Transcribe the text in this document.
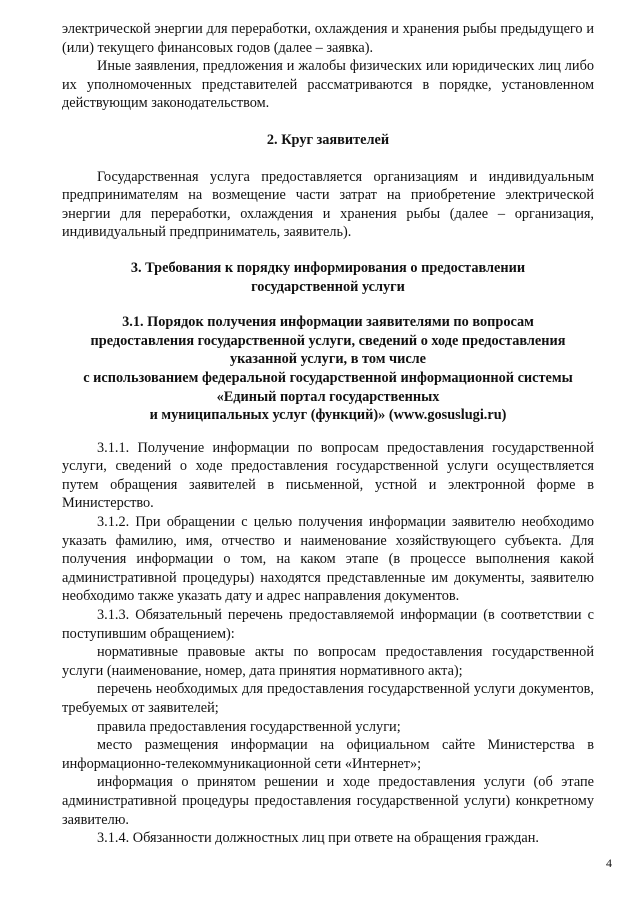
электрической энергии для переработки, охлаждения и хранения рыбы предыдущего и (или) текущего финансовых годов (далее – заявка).

Иные заявления, предложения и жалобы физических или юридических лиц либо их уполномоченных представителей рассматриваются в порядке, установленном действующим законодательством.

2. Круг заявителей

Государственная услуга предоставляется организациям и индивидуальным предпринимателям на возмещение части затрат на приобретение электрической энергии для переработки, охлаждения и хранения рыбы (далее – организация, индивидуальный предприниматель, заявитель).

3. Требования к порядку информирования о предоставлении
государственной услуги
3.1. Порядок получения информации заявителями по вопросам
предоставления государственной услуги, сведений о ходе предоставления
указанной услуги, в том числе
с использованием федеральной государственной информационной системы
«Единый портал государственных
и муниципальных услуг (функций)» (www.gosuslugi.ru)

3.1.1. Получение информации по вопросам предоставления государственной услуги, сведений о ходе предоставления государственной услуги осуществляется путем обращения заявителей в письменной, устной и электронной форме в Министерство.

3.1.2. При обращении с целью получения информации заявителю необходимо указать фамилию, имя, отчество и наименование хозяйствующего субъекта. Для получения информации о том, на каком этапе (в процессе выполнения какой административной процедуры) находятся представленные им документы, заявителю необходимо также указать дату и адрес направления документов.

3.1.3. Обязательный перечень предоставляемой информации (в соответствии с поступившим обращением):

нормативные правовые акты по вопросам предоставления государственной услуги (наименование, номер, дата принятия нормативного акта);

перечень необходимых для предоставления государственной услуги документов, требуемых от заявителей;

правила предоставления государственной услуги;

место размещения информации на официальном сайте Министерства в информационно-телекоммуникационной сети «Интернет»;

информация о принятом решении и ходе предоставления услуги (об этапе административной процедуры предоставления государственной услуги) конкретному заявителю.

3.1.4. Обязанности должностных лиц при ответе на обращения граждан.

4
